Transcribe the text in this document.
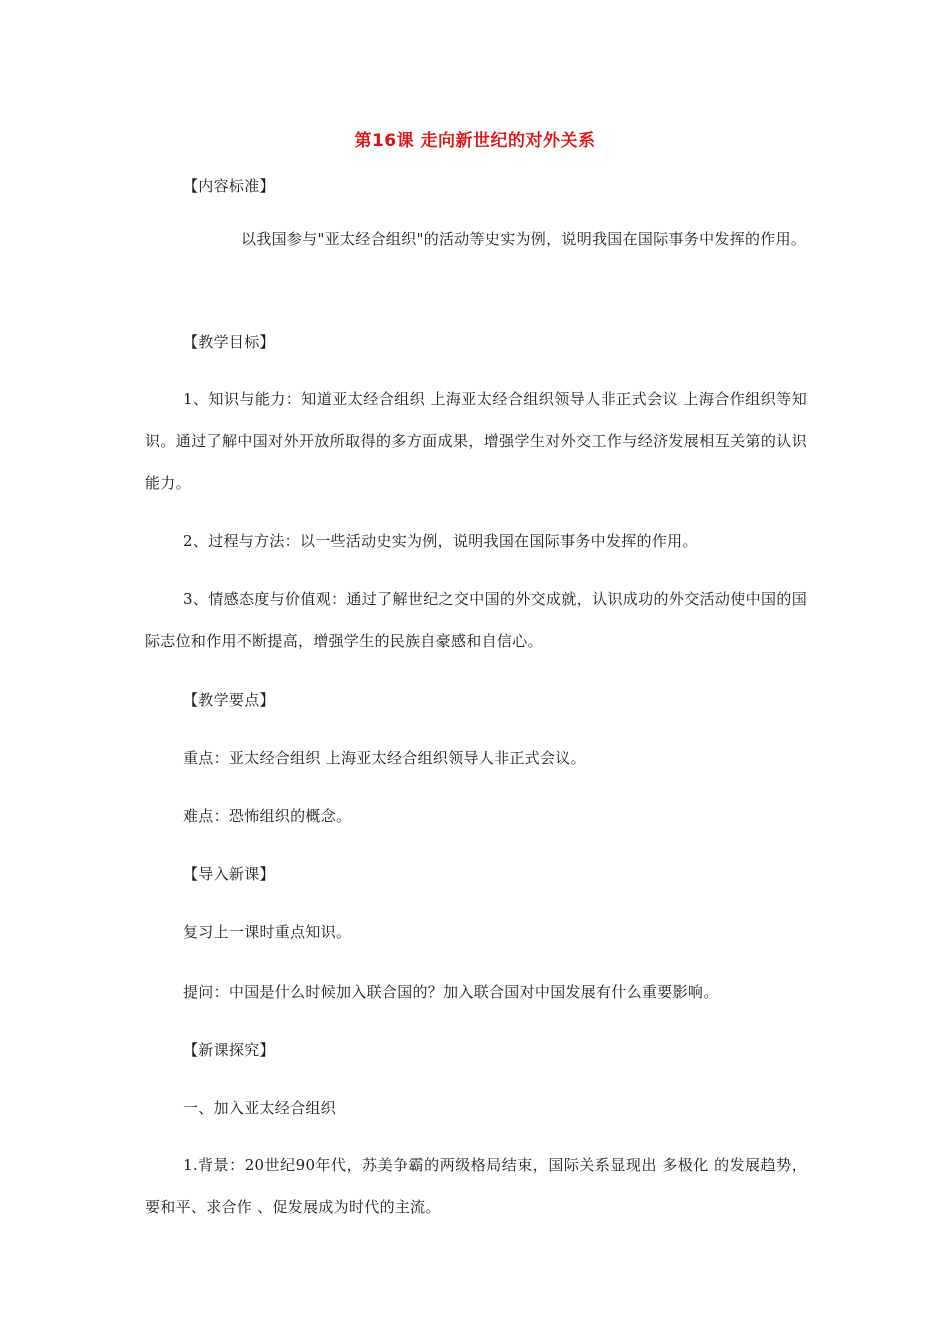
第16课 走向新世纪的对外关系
【内容标准】
以我国参与"亚太经合组织"的活动等史实为例，说明我国在国际事务中发挥的作用。
【教学目标】
1、知识与能力：知道亚太经合组织 上海亚太经合组织领导人非正式会议 上海合作组织等知识。通过了解中国对外开放所取得的多方面成果，增强学生对外交工作与经济发展相互关第的认识能力。
2、过程与方法：以一些活动史实为例，说明我国在国际事务中发挥的作用。
3、情感态度与价值观：通过了解世纪之交中国的外交成就，认识成功的外交活动使中国的国际志位和作用不断提高，增强学生的民族自豪感和自信心。
【教学要点】
重点：亚太经合组织 上海亚太经合组织领导人非正式会议。
难点：恐怖组织的概念。
【导入新课】
复习上一课时重点知识。
提问：中国是什么时候加入联合国的？加入联合国对中国发展有什么重要影响。
【新课探究】
一、加入亚太经合组织
1.背景：20世纪90年代，苏美争霸的两级格局结束，国际关系显现出 多极化 的发展趋势，要和平、求合作 、促发展成为时代的主流。
